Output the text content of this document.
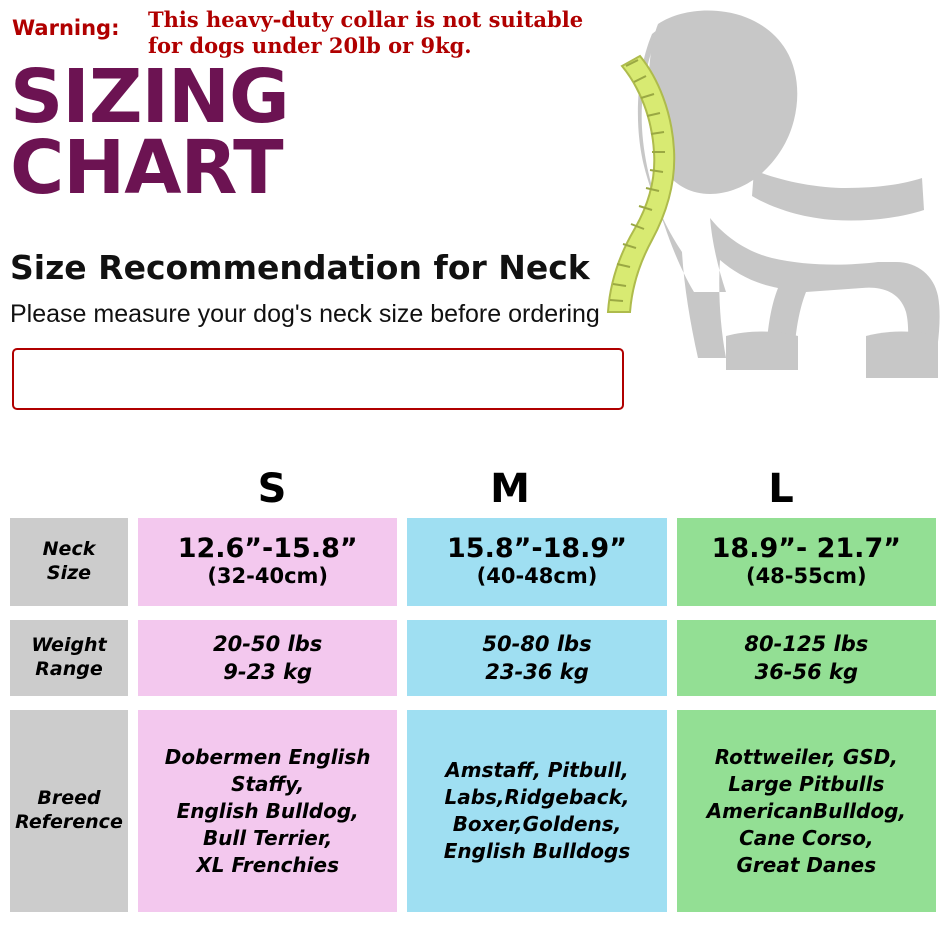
SIZING
CHART
Size Recommendation for Neck
Please measure your dog's neck size before ordering
Warning: This heavy-duty collar is not suitable for dogs under 20lb or 9kg.
S	M	L
Neck
Size
12.6”-15.8”
(32-40cm)
15.8”-18.9”
(40-48cm)
18.9”- 21.7”
(48-55cm)
Weight
Range
20-50 lbs
9-23 kg
50-80 lbs
23-36 kg
80-125 lbs
36-56 kg
Breed
Reference
Dobermen English Staffy,
English Bulldog,
Bull Terrier,
XL Frenchies
Amstaff, Pitbull,
Labs,Ridgeback,
Boxer,Goldens,
English Bulldogs
Rottweiler, GSD,
Large Pitbulls
AmericanBulldog,
Cane Corso,
Great Danes
